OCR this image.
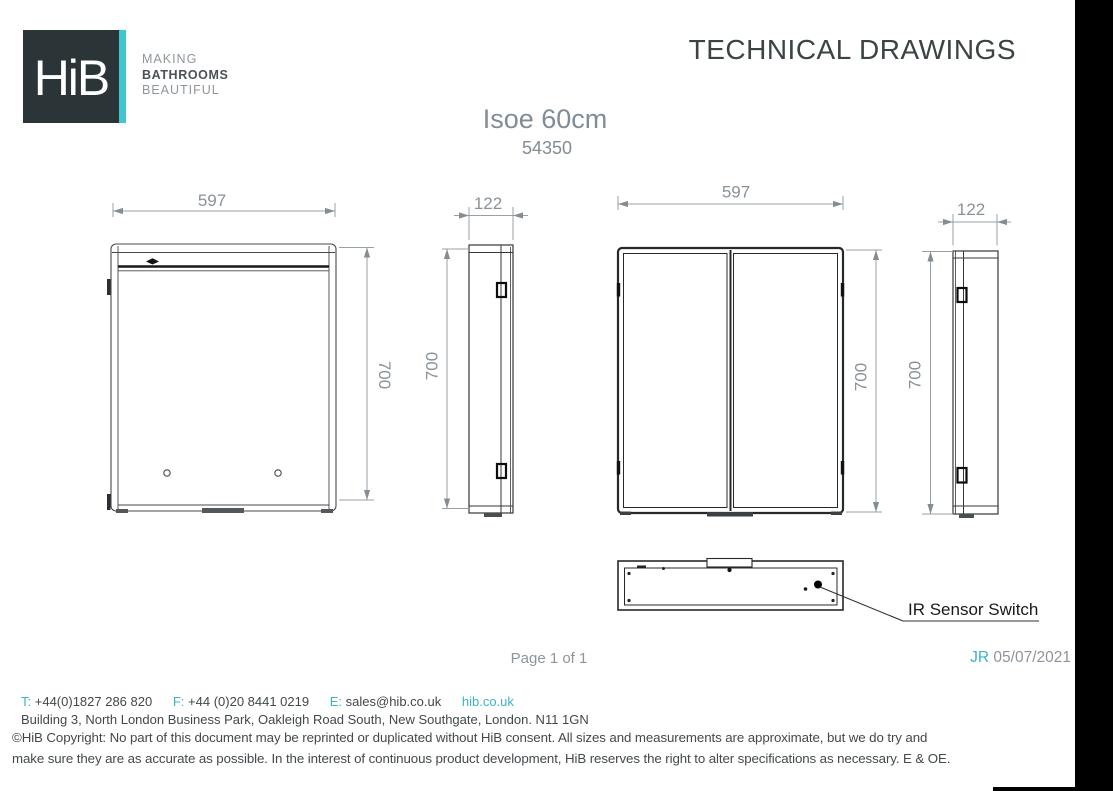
HiB	MAKING
BATHROOMS
BEAUTIFUL
TECHNICAL DRAWINGS
Isoe 60cm
54350
597
700
122
700
597
700
122
700
IR Sensor Switch
Page 1 of 1	JR 05/07/2021
T: +44(0)1827 286 820 F: +44 (0)20 8441 0219 E: sales@hib.co.uk hib.co.uk
Building 3, North London Business Park, Oakleigh Road South, New Southgate, London. N11 1GN
©HiB Copyright: No part of this document may be reprinted or duplicated without HiB consent. All sizes and measurements are approximate, but we do try and
make sure they are as accurate as possible. In the interest of continuous product development, HiB reserves the right to alter specifications as necessary. E & OE.
